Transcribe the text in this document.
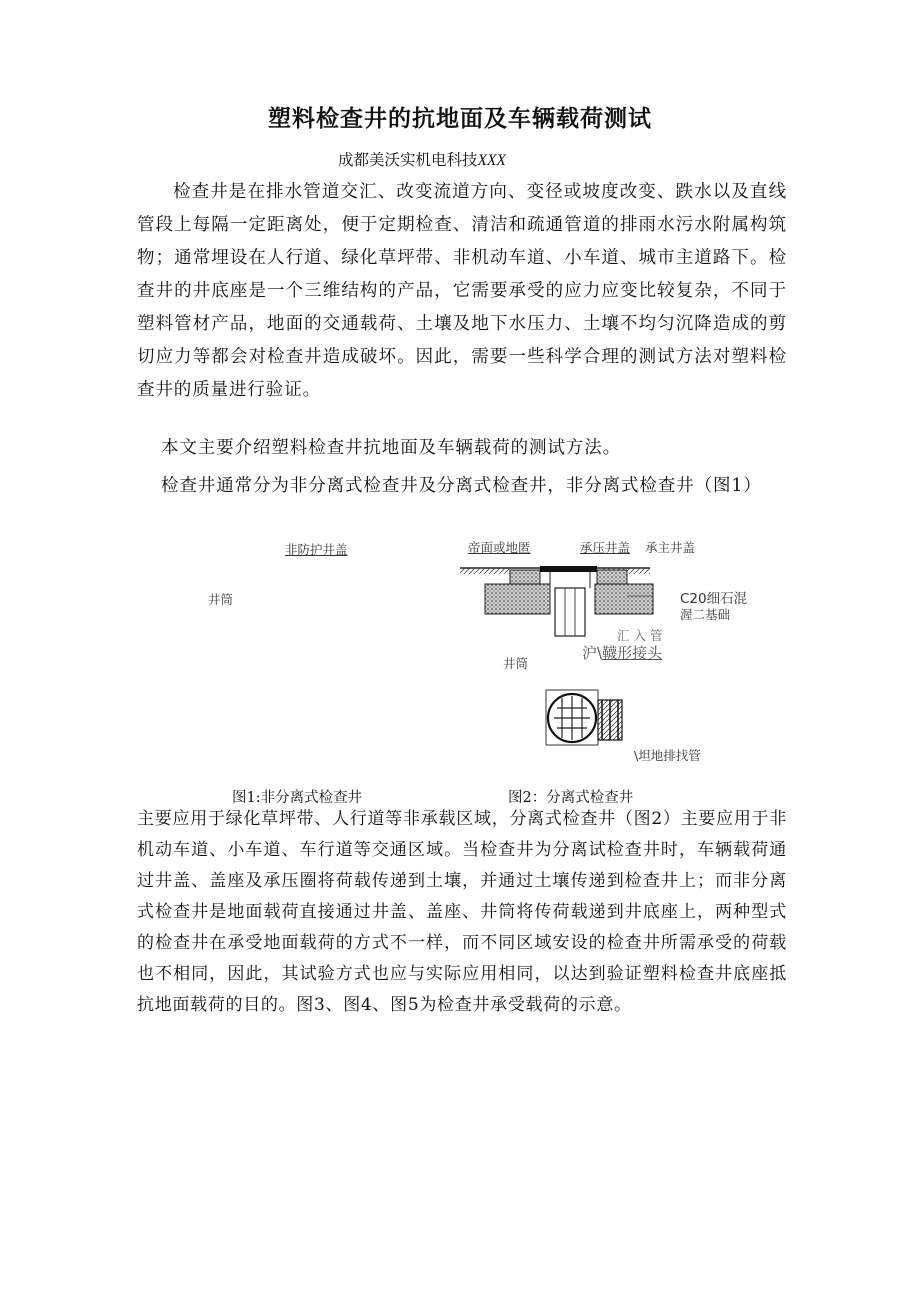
塑料检查井的抗地面及车辆载荷测试
成都美沃实机电科技XXX

检查井是在排水管道交汇、改变流道方向、变径或坡度改变、跌水以及直线管段上每隔一定距离处，便于定期检查、清洁和疏通管道的排雨水污水附属构筑物；通常埋设在人行道、绿化草坪带、非机动车道、小车道、城市主道路下。检查井的井底座是一个三维结构的产品，它需要承受的应力应变比较复杂，不同于塑料管材产品，地面的交通载荷、土壤及地下水压力、土壤不均匀沉降造成的剪切应力等都会对检查井造成破坏。因此，需要一些科学合理的测试方法对塑料检查井的质量进行验证。

本文主要介绍塑料检查井抗地面及车辆载荷的测试方法。

检查井通常分为非分离式检查井及分离式检查井，非分离式检查井（图1）

非防护井盖
井筒
帝面或地匿	承压井盖 承主井盖
C20细石混
渥二基础
汇 入 管
沪\韈形接头
井筒
\坦地排找管
图1:非分离式检查井	图2：分离式检查井

主要应用于绿化草坪带、人行道等非承载区域，分离式检查井（图2）主要应用于非机动车道、小车道、车行道等交通区域。当检查井为分离试检查井时，车辆载荷通过井盖、盖座及承压圈将荷载传递到土壤，并通过土壤传递到检查井上；而非分离式检查井是地面载荷直接通过井盖、盖座、井筒将传荷载递到井底座上，两种型式的检查井在承受地面载荷的方式不一样，而不同区域安设的检查井所需承受的荷载也不相同，因此，其试验方式也应与实际应用相同，以达到验证塑料检查井底座抵抗地面载荷的目的。图3、图4、图5为检查井承受载荷的示意。
